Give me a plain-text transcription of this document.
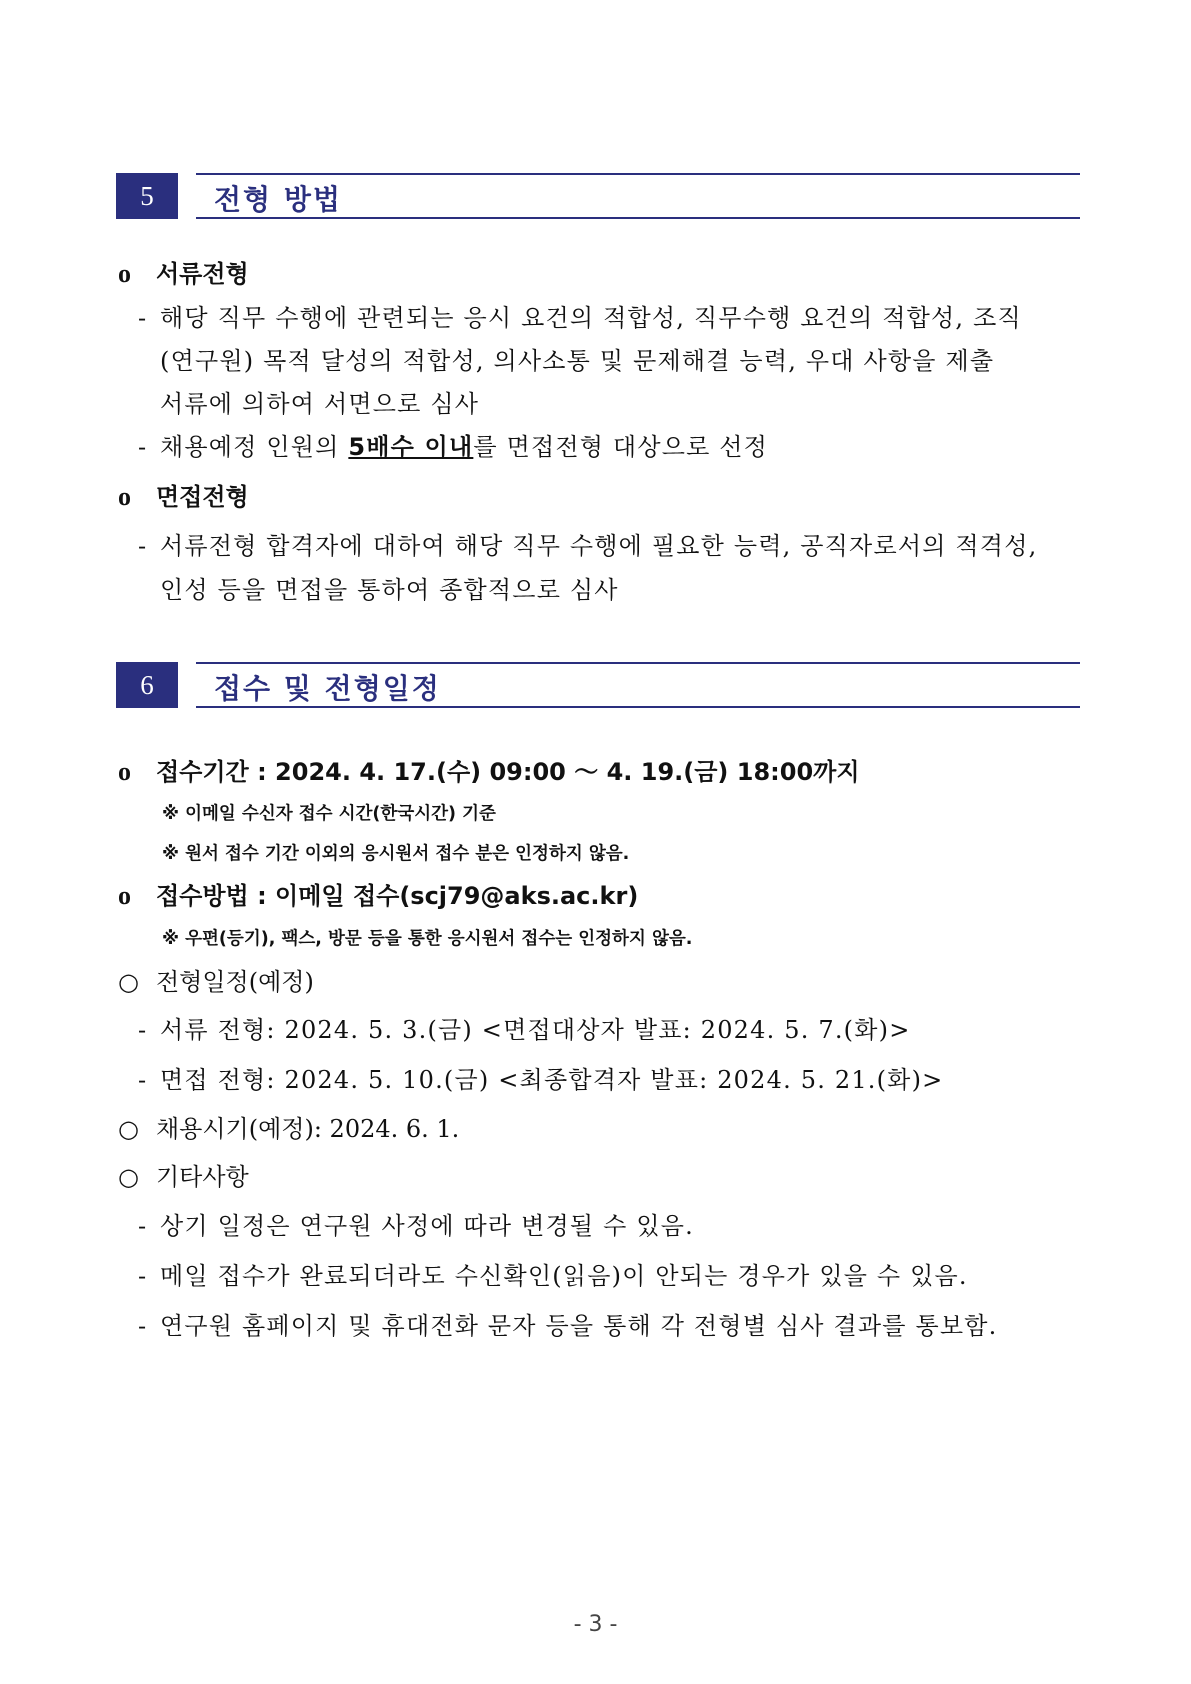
5	전형 방법
o 서류전형
- 해당 직무 수행에 관련되는 응시 요건의 적합성, 직무수행 요건의 적합성, 조직
(연구원) 목적 달성의 적합성, 의사소통 및 문제해결 능력, 우대 사항을 제출
서류에 의하여 서면으로 심사
- 채용예정 인원의 5배수 이내를 면접전형 대상으로 선정
o 면접전형
- 서류전형 합격자에 대하여 해당 직무 수행에 필요한 능력, 공직자로서의 적격성,
인성 등을 면접을 통하여 종합적으로 심사
6	접수 및 전형일정
o 접수기간 : 2024. 4. 17.(수) 09:00 ～ 4. 19.(금) 18:00까지
※ 이메일 수신자 접수 시간(한국시간) 기준
※ 원서 접수 기간 이외의 응시원서 접수 분은 인정하지 않음.
o 접수방법 : 이메일 접수(scj79@aks.ac.kr)
※ 우편(등기), 팩스, 방문 등을 통한 응시원서 접수는 인정하지 않음.
○ 전형일정(예정)
- 서류 전형: 2024. 5. 3.(금) <면접대상자 발표: 2024. 5. 7.(화)>
- 면접 전형: 2024. 5. 10.(금) <최종합격자 발표: 2024. 5. 21.(화)>
○ 채용시기(예정): 2024. 6. 1.
○ 기타사항
- 상기 일정은 연구원 사정에 따라 변경될 수 있음.
- 메일 접수가 완료되더라도 수신확인(읽음)이 안되는 경우가 있을 수 있음.
- 연구원 홈페이지 및 휴대전화 문자 등을 통해 각 전형별 심사 결과를 통보함.
- 3 -
